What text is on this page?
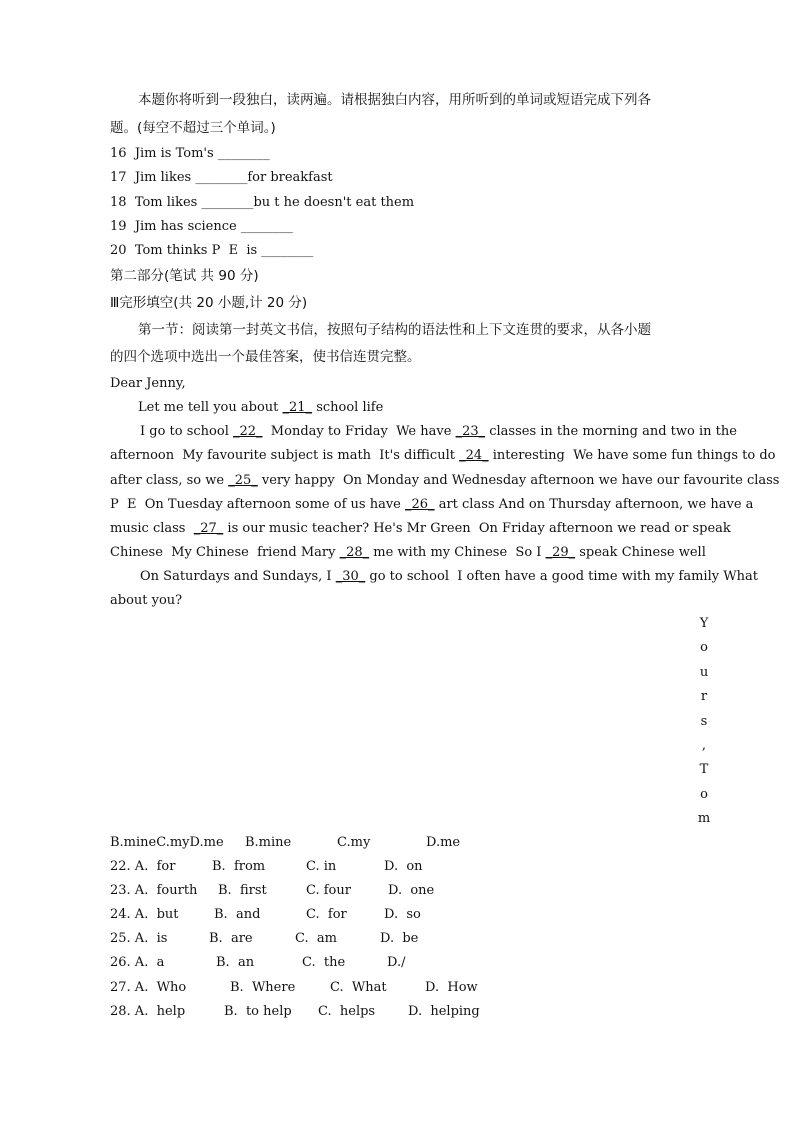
本题你将听到一段独白，读两遍。请根据独白内容，用所听到的单词或短语完成下列各
题。(每空不超过三个单词。)
16 Jim is Tom's ________
17 Jim likes ________for breakfast
18 Tom likes ________bu t he doesn't eat them
19 Jim has science ________
20 Tom thinks P  E  is ________
第二部分(笔试 共 90 分)
Ⅲ完形填空(共 20 小题,计 20 分)
第一节：阅读第一封英文书信，按照句子结构的语法性和上下文连贯的要求，从各小题
的四个选项中选出一个最佳答案，使书信连贯完整。
Dear Jenny,
Let me tell you about _21_ school life
I go to school _22_  Monday to Friday  We have _23_ classes in the morning and two in the
afternoon  My favourite subject is math  It's difficult _24_ interesting  We have some fun things to do
after class, so we _25_ very happy  On Monday and Wednesday afternoon we have our favourite class
P  E  On Tuesday afternoon some of us have _26_ art class And on Thursday afternoon, we have a
music class  _27_ is our music teacher? He's Mr Green  On Friday afternoon we read or speak
Chinese  My Chinese  friend Mary _28_ me with my Chinese  So I _29_ speak Chinese well
On Saturdays and Sundays, I _30_ go to school  I often have a good time with my family What
about you?
Y
o
u
r
s
,
T
o
m
B.mineC.myD.me B.mine	C.my	D.me
22. A.  for	B.  from	C. in	D.  on
23. A.  fourth B.  first	C. four	D.  one
24. A.  but	B.  and	C.  for	D.  so
25. A.  is	B.  are	C.  am	D.  be
26. A.  a	B.  an	C.  the	D./
27. A.  Who	B.  Where	C.  What	D.  How
28. A.  help	B.  to help C.  helps	D.  helping
